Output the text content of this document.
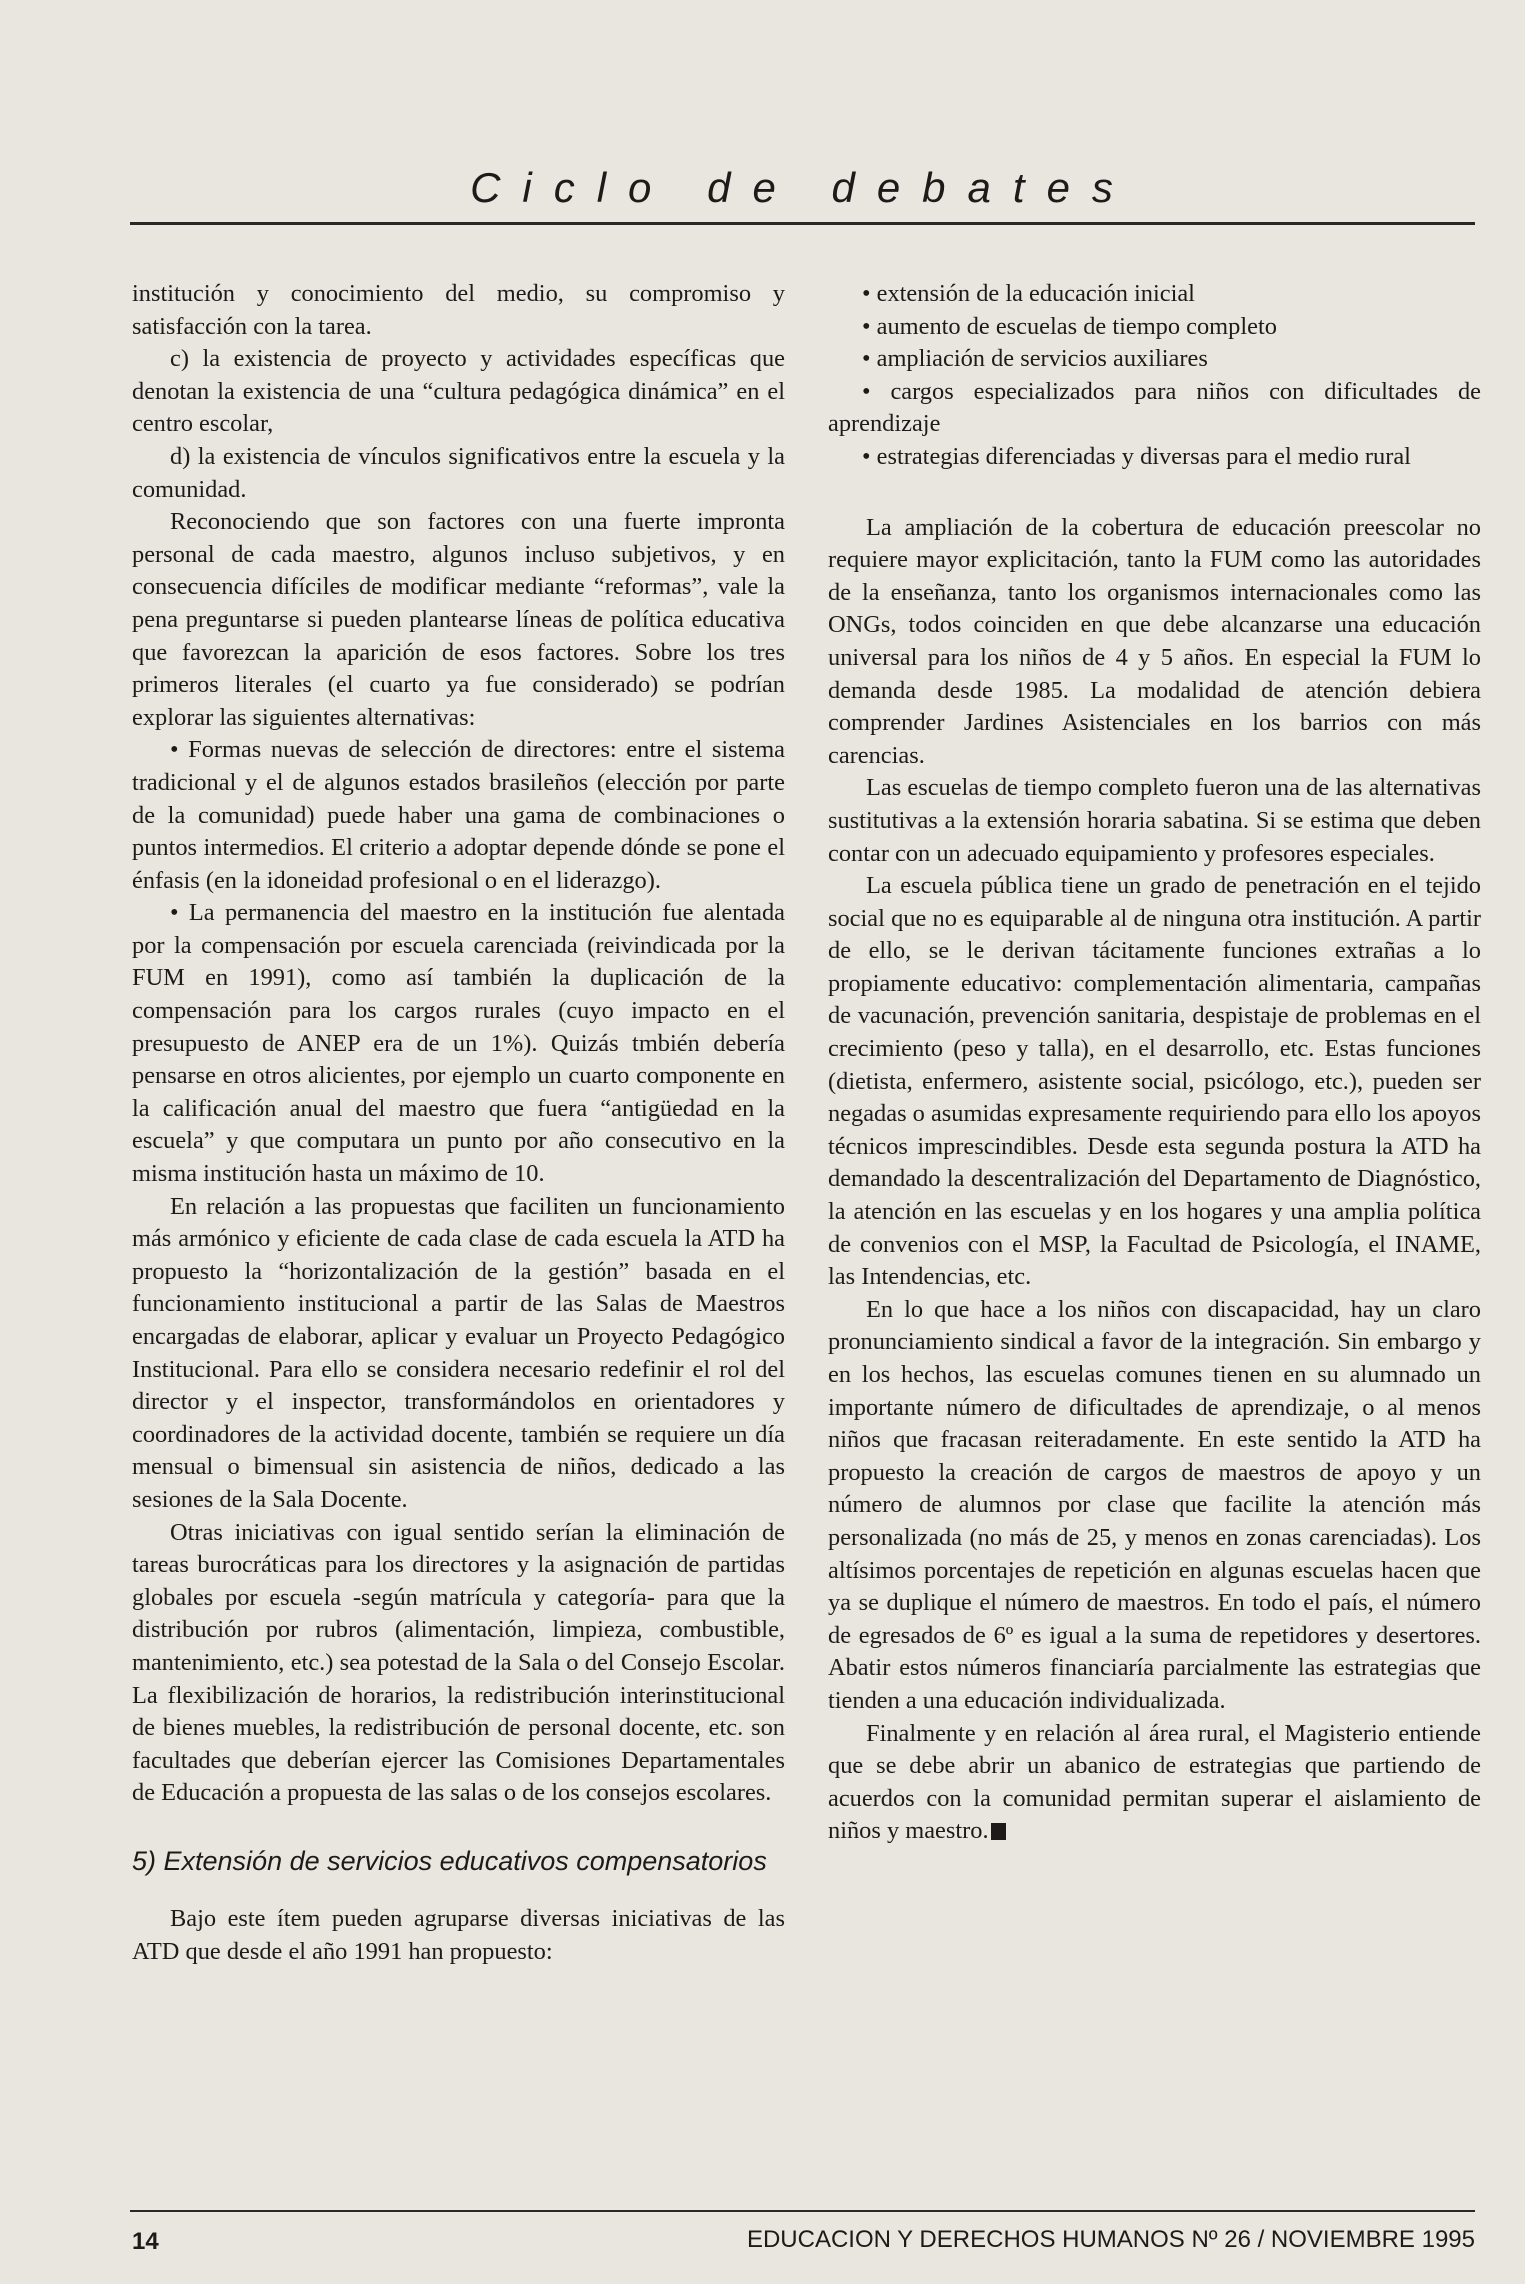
Ciclo de debates

institución y conocimiento del medio, su compromiso y satisfacción con la tarea.

c) la existencia de proyecto y actividades específicas que denotan la existencia de una “cultura pedagógica dinámica” en el centro escolar,

d) la existencia de vínculos significativos entre la escuela y la comunidad.

Reconociendo que son factores con una fuerte impronta personal de cada maestro, algunos incluso subjetivos, y en consecuencia difíciles de modificar mediante “reformas”, vale la pena preguntarse si pueden plantearse líneas de política educativa que favorezcan la aparición de esos factores. Sobre los tres primeros literales (el cuarto ya fue considerado) se podrían explorar las siguientes alternativas:

• Formas nuevas de selección de directores: entre el sistema tradicional y el de algunos estados brasileños (elección por parte de la comunidad) puede haber una gama de combinaciones o puntos intermedios. El criterio a adoptar depende dónde se pone el énfasis (en la idoneidad profesional o en el liderazgo).

• La permanencia del maestro en la institución fue alentada por la compensación por escuela carenciada (reivindicada por la FUM en 1991), como así también la duplicación de la compensación para los cargos rurales (cuyo impacto en el presupuesto de ANEP era de un 1%). Quizás tmbién debería pensarse en otros alicientes, por ejemplo un cuarto componente en la calificación anual del maestro que fuera “antigüedad en la escuela” y que computara un punto por año consecutivo en la misma institución hasta un máximo de 10.

En relación a las propuestas que faciliten un funcionamiento más armónico y eficiente de cada clase de cada escuela la ATD ha propuesto la “horizontalización de la gestión” basada en el funcionamiento institucional a partir de las Salas de Maestros encargadas de elaborar, aplicar y evaluar un Proyecto Pedagógico Institucional. Para ello se considera necesario redefinir el rol del director y el inspector, transformándolos en orientadores y coordinadores de la actividad docente, también se requiere un día mensual o bimensual sin asistencia de niños, dedicado a las sesiones de la Sala Docente.

Otras iniciativas con igual sentido serían la eliminación de tareas burocráticas para los directores y la asignación de partidas globales por escuela -según matrícula y categoría- para que la distribución por rubros (alimentación, limpieza, combustible, mantenimiento, etc.) sea potestad de la Sala o del Consejo Escolar. La flexibilización de horarios, la redistribución interinstitucional de bienes muebles, la redistribución de personal docente, etc. son facultades que deberían ejercer las Comisiones Departamentales de Educación a propuesta de las salas o de los consejos escolares.

5) Extensión de servicios educativos compensatorios

Bajo este ítem pueden agruparse diversas iniciativas de las ATD que desde el año 1991 han propuesto:

• extensión de la educación inicial

• aumento de escuelas de tiempo completo

• ampliación de servicios auxiliares

• cargos especializados para niños con dificultades de aprendizaje

• estrategias diferenciadas y diversas para el medio rural

La ampliación de la cobertura de educación preescolar no requiere mayor explicitación, tanto la FUM como las autoridades de la enseñanza, tanto los organismos internacionales como las ONGs, todos coinciden en que debe alcanzarse una educación universal para los niños de 4 y 5 años. En especial la FUM lo demanda desde 1985. La modalidad de atención debiera comprender Jardines Asistenciales en los barrios con más carencias.

Las escuelas de tiempo completo fueron una de las alternativas sustitutivas a la extensión horaria sabatina. Si se estima que deben contar con un adecuado equipamiento y profesores especiales.

La escuela pública tiene un grado de penetración en el tejido social que no es equiparable al de ninguna otra institución. A partir de ello, se le derivan tácitamente funciones extrañas a lo propiamente educativo: complementación alimentaria, campañas de vacunación, prevención sanitaria, despistaje de problemas en el crecimiento (peso y talla), en el desarrollo, etc. Estas funciones (dietista, enfermero, asistente social, psicólogo, etc.), pueden ser negadas o asumidas expresamente requiriendo para ello los apoyos técnicos imprescindibles. Desde esta segunda postura la ATD ha demandado la descentralización del Departamento de Diagnóstico, la atención en las escuelas y en los hogares y una amplia política de convenios con el MSP, la Facultad de Psicología, el INAME, las Intendencias, etc.

En lo que hace a los niños con discapacidad, hay un claro pronunciamiento sindical a favor de la integración. Sin embargo y en los hechos, las escuelas comunes tienen en su alumnado un importante número de dificultades de aprendizaje, o al menos niños que fracasan reiteradamente. En este sentido la ATD ha propuesto la creación de cargos de maestros de apoyo y un número de alumnos por clase que facilite la atención más personalizada (no más de 25, y menos en zonas carenciadas). Los altísimos porcentajes de repetición en algunas escuelas hacen que ya se duplique el número de maestros. En todo el país, el número de egresados de 6º es igual a la suma de repetidores y desertores. Abatir estos números financiaría parcialmente las estrategias que tienden a una educación individualizada.

Finalmente y en relación al área rural, el Magisterio entiende que se debe abrir un abanico de estrategias que partiendo de acuerdos con la comunidad permitan superar el aislamiento de niños y maestro.

14	EDUCACION Y DERECHOS HUMANOS Nº 26 / NOVIEMBRE 1995
